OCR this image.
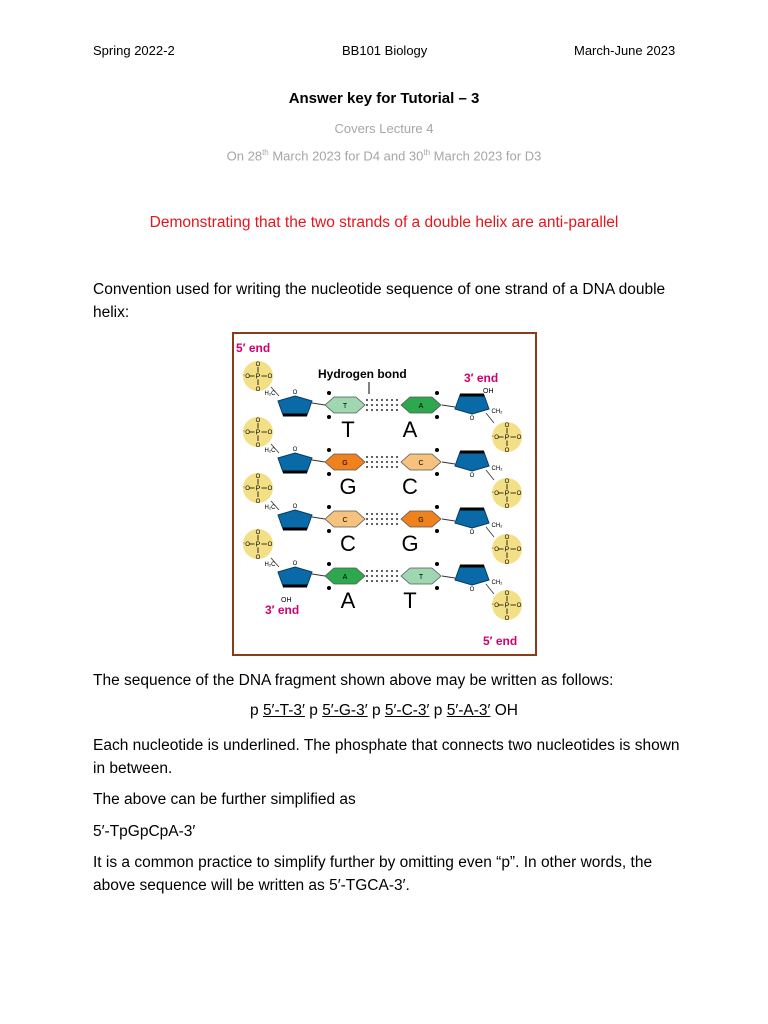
Spring 2022-2	BB101 Biology	March-June 2023
Answer key for Tutorial – 3
Covers Lecture 4
On 28th March 2023 for D4 and 30th March 2023 for D3
Demonstrating that the two strands of a double helix are anti-parallel
Convention used for writing the nucleotide sequence of one strand of a DNA double helix:
P
O
O
⁻O	O
P
O
O
⁻O	O
P
O
O
⁻O	O
P
O
O
⁻O	O
P
O
O
⁻O	O
P
O
O
⁻O	O
P
O
O
⁻O	O
P
O
O
⁻O	O
H₂C
CH₂
O
O
T	A
T A
H₂C
CH₂
O
O
G	C
G C
H₂C
CH₂
O
O
C	G
C G
H₂C
CH₂
O
O
A	T
A T
5′ end
3′ end
3′ end
5′ end
Hydrogen bond
OH
OH
The sequence of the DNA fragment shown above may be written as follows:
p 5′-T-3′ p 5′-G-3′ p 5′-C-3′ p 5′-A-3′ OH
Each nucleotide is underlined. The phosphate that connects two nucleotides is shown in between.
The above can be further simplified as
5′-TpGpCpA-3′
It is a common practice to simplify further by omitting even “p”. In other words, the above sequence will be written as 5′-TGCA-3′.
